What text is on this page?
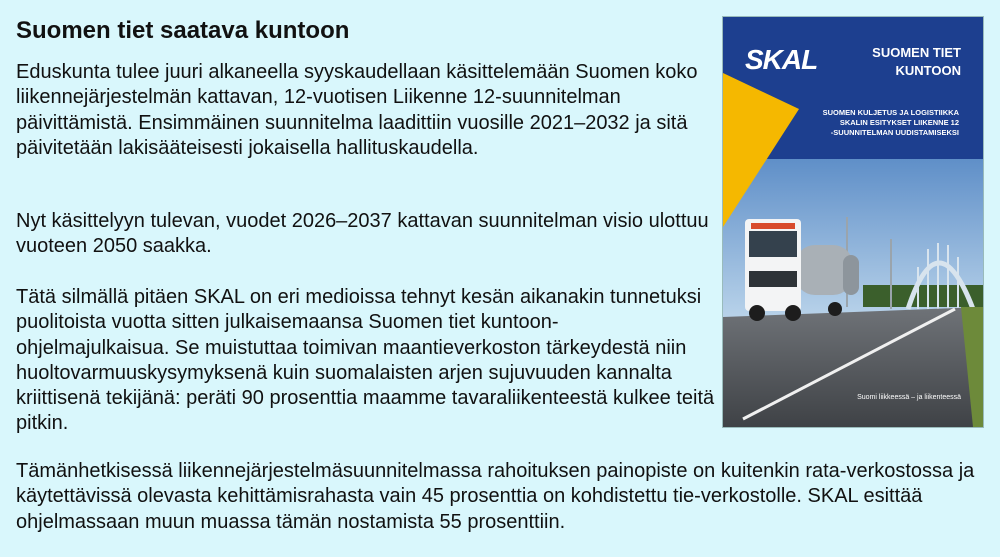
Suomen tiet saatava kuntoon

Eduskunta tulee juuri alkaneella syyskaudellaan käsittelemään Suomen koko liikennejärjestelmän kattavan, 12-vuotisen Liikenne 12-suunnitelman päivittämistä. Ensimmäinen suunnitelma laadittiin vuosille 2021–2032 ja sitä päivitetään lakisääteisesti jokaisella hallituskaudella.

Nyt käsittelyyn tulevan, vuodet 2026–2037 kattavan suunnitelman visio ulottuu vuoteen 2050 saakka.

Tätä silmällä pitäen SKAL on eri medioissa tehnyt kesän aikanakin tunnetuksi puolitoista vuotta sitten julkaisemaansa Suomen tiet kuntoon- ohjelmajulkaisua. Se muistuttaa toimivan maantieverkoston tärkeydestä niin huoltovarmuuskysymyksenä kuin suomalaisten arjen sujuvuuden kannalta kriittisenä tekijänä: peräti 90 prosenttia maamme tavaraliikenteestä kulkee teitä pitkin.

Tämänhetkisessä liikennejärjestelmäsuunnitelmassa rahoituksen painopiste on kuitenkin rata-verkostossa ja käytettävissä olevasta kehittämisrahasta vain 45 prosenttia on kohdistettu tie-verkostolle. SKAL esittää ohjelmassaan muun muassa tämän nostamista 55 prosenttiin.

SKAL	SUOMEN TIET
KUNTOON
SUOMEN KULJETUS JA LOGISTIIKKA
SKALIN ESITYKSET LIIKENNE 12
-SUUNNITELMAN UUDISTAMISEKSI
Suomi liikkeessä – ja liikenteessä
